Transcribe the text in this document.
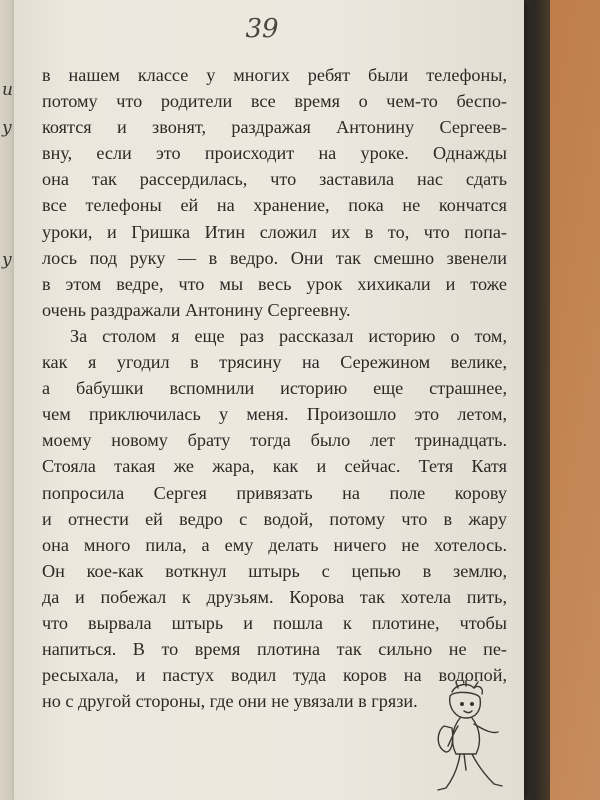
и
у
у
39
в нашем классе у многих ребят были телефоны,
потому что родители все время о чем-то беспо-
коятся и звонят, раздражая Антонину Сергеев-
вну, если это происходит на уроке. Однажды
она так рассердилась, что заставила нас сдать
все телефоны ей на хранение, пока не кончатся
уроки, и Гришка Итин сложил их в то, что попа-
лось под руку — в ведро. Они так смешно звенели
в этом ведре, что мы весь урок хихикали и тоже
очень раздражали Антонину Сергеевну.
За столом я еще раз рассказал историю о том,
как я угодил в трясину на Сережином велике,
а бабушки вспомнили историю еще страшнее,
чем приключилась у меня. Произошло это летом,
моему новому брату тогда было лет тринадцать.
Стояла такая же жара, как и сейчас. Тетя Катя
попросила Сергея привязать на поле корову
и отнести ей ведро с водой, потому что в жару
она много пила, а ему делать ничего не хотелось.
Он кое-как воткнул штырь с цепью в землю,
да и побежал к друзьям. Корова так хотела пить,
что вырвала штырь и пошла к плотине, чтобы
напиться. В то время плотина так сильно не пе-
ресыхала, и пастух водил туда коров на водопой,
но с другой стороны, где они не увязали в грязи.
